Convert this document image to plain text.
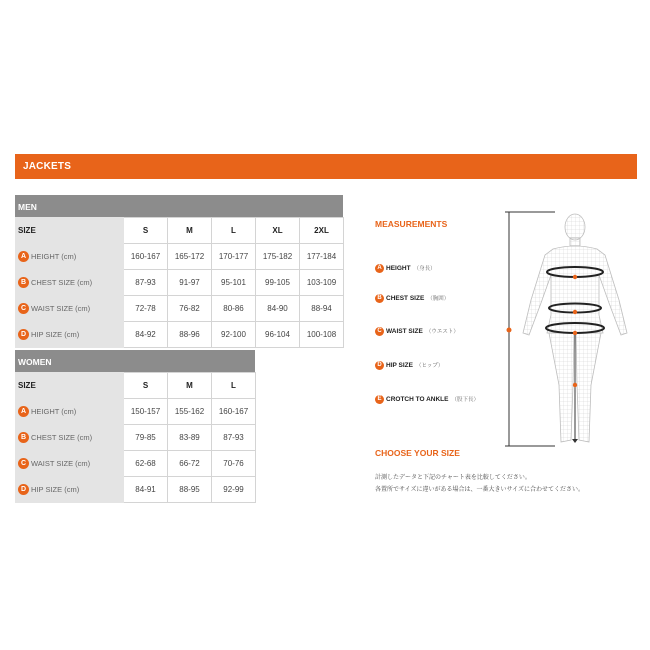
JACKETS
MEN
SIZE	S	M	L	XL	2XL
A HEIGHT (cm)	160-167	165-172	170-177	175-182	177-184
B CHEST SIZE (cm)	87-93	91-97	95-101	99-105	103-109
C WAIST SIZE (cm)	72-78	76-82	80-86	84-90	88-94
D HIP SIZE (cm)	84-92	88-96	92-100	96-104	100-108
WOMEN
SIZE	S	M	L
A HEIGHT (cm)	150-157	155-162	160-167
B CHEST SIZE (cm)	79-85	83-89	87-93
C WAIST SIZE (cm)	62-68	66-72	70-76
D HIP SIZE (cm)	84-91	88-95	92-99
MEASUREMENTS
A HEIGHT （身長）
B CHEST SIZE （胸囲）
C WAIST SIZE （ウエスト）
D HIP SIZE （ヒップ）
E CROTCH TO ANKLE （股下長）
CHOOSE YOUR SIZE
計測したデータと下記のチャート表を比較してください。
各置所でサイズに違いがある場合は、一番大きいサイズに合わせてください。
